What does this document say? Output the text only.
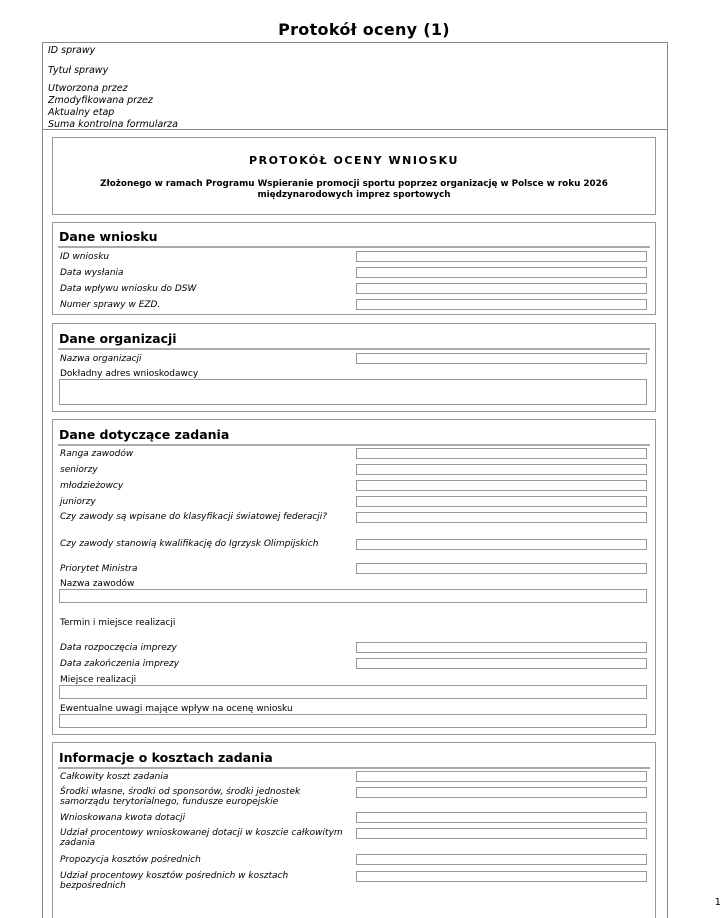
Protokół oceny (1)
ID sprawy
Tytuł sprawy
Utworzona przez
Zmodyfikowana przez
Aktualny etap
Suma kontrolna formularza
PROTOKÓŁ OCENY WNIOSKU
Złożonego w ramach Programu Wspieranie promocji sportu poprzez organizację w Polsce w roku 2026 międzynarodowych imprez sportowych
Dane wniosku
ID wniosku
Data wysłania
Data wpływu wniosku do DSW
Numer sprawy w EZD.
Dane organizacji
Nazwa organizacji
Dokładny adres wnioskodawcy
Dane dotyczące zadania
Ranga zawodów
seniorzy
młodzieżowcy
juniorzy
Czy zawody są wpisane do klasyfikacji światowej federacji?
Czy zawody stanowią kwalifikację do Igrzysk Olimpijskich
Priorytet Ministra
Nazwa zawodów
Termin i miejsce realizacji
Data rozpoczęcia imprezy
Data zakończenia imprezy
Miejsce realizacji
Ewentualne uwagi mające wpływ na ocenę wniosku
Informacje o kosztach zadania
Całkowity koszt zadania
Środki własne, środki od sponsorów, środki jednostek samorządu terytorialnego, fundusze europejskie
Wnioskowana kwota dotacji
Udział procentowy wnioskowanej dotacji w koszcie całkowitym zadania
Propozycja kosztów pośrednich
Udział procentowy kosztów pośrednich w kosztach bezpośrednich
1
